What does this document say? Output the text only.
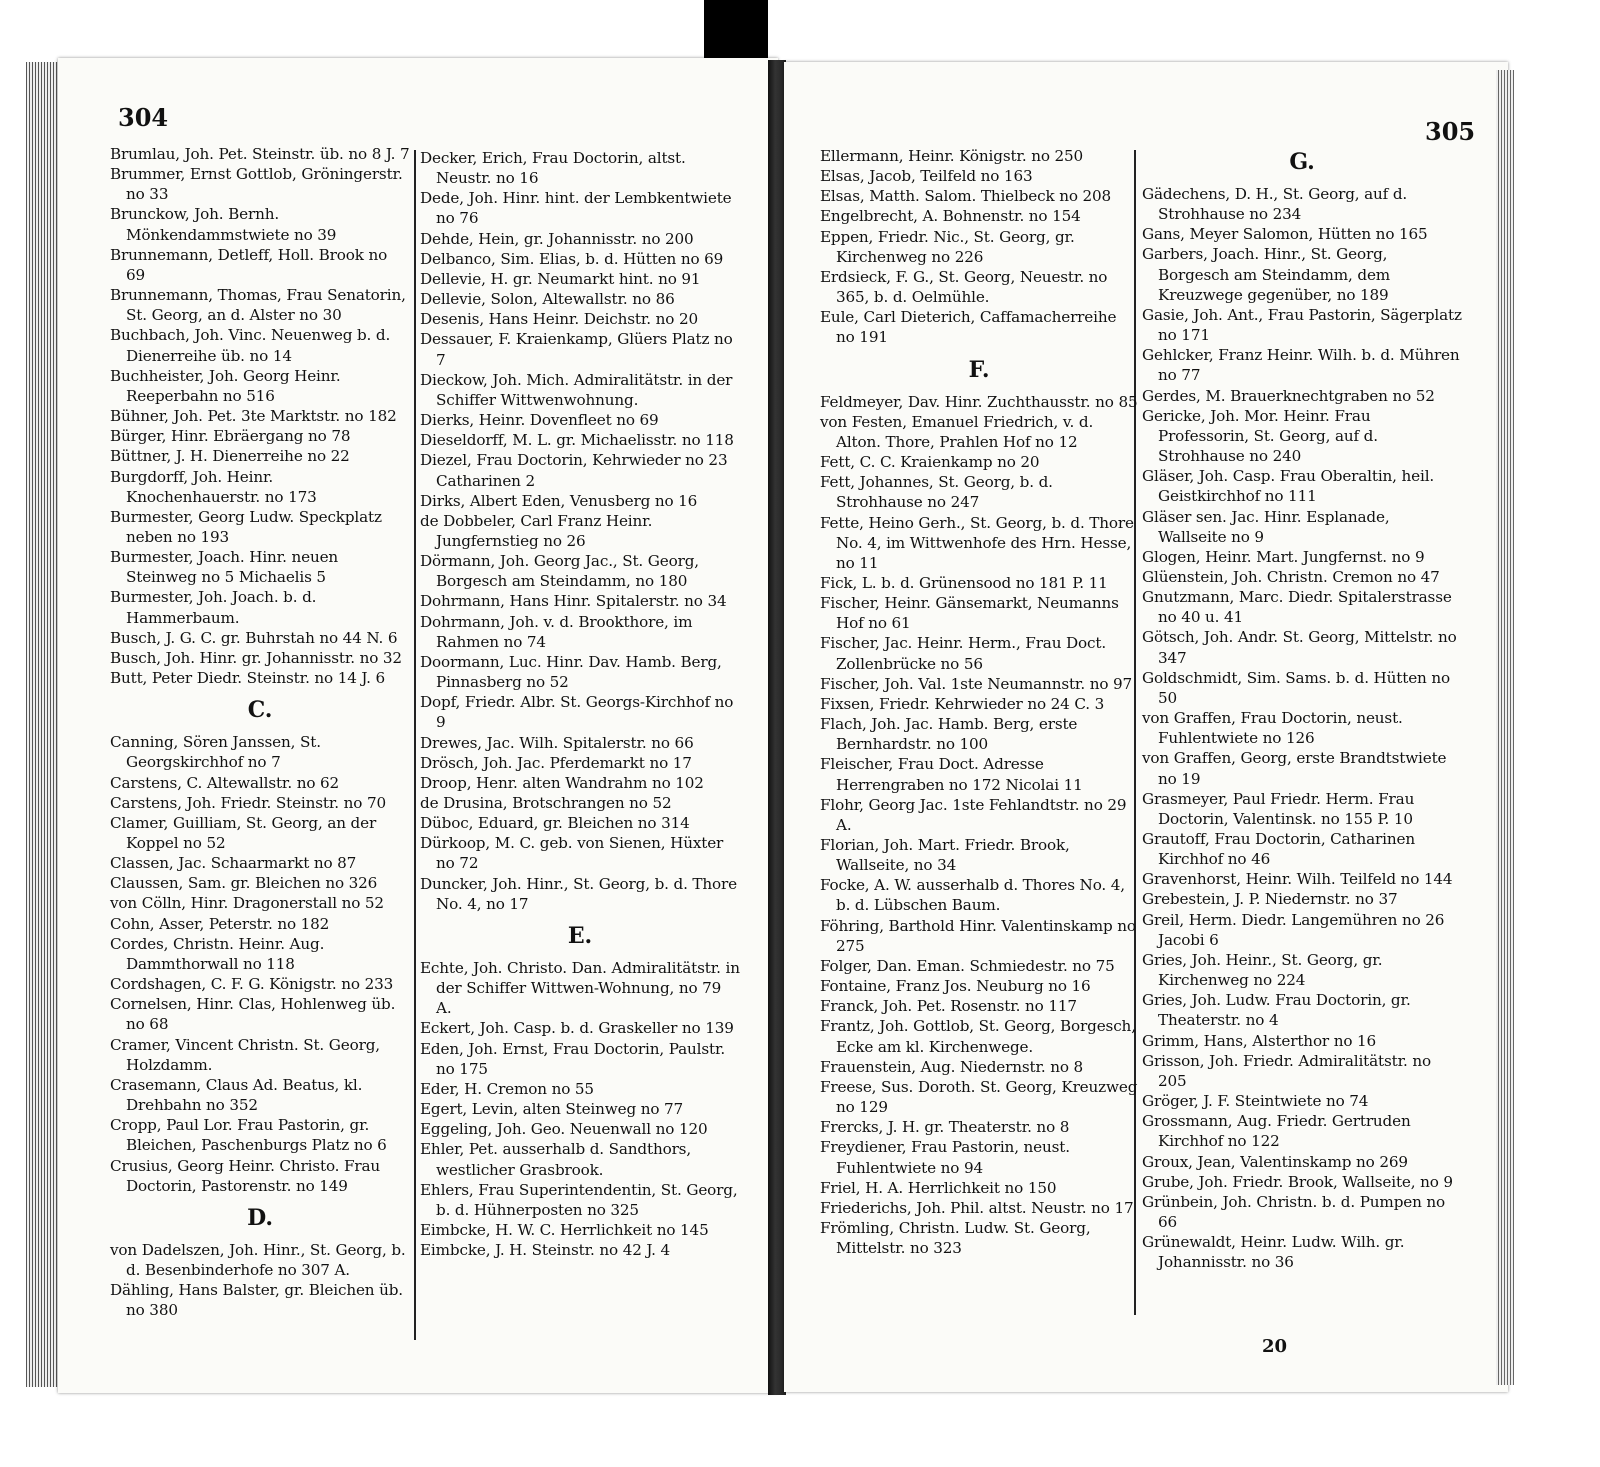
304	305
Brumlau, Joh. Pet. Steinstr. üb. no 8 J. 7
Brummer, Ernst Gottlob, Gröningerstr. no 33
Brunckow, Joh. Bernh. Mönkendammstwiete no 39
Brunnemann, Detleff, Holl. Brook no 69
Brunnemann, Thomas, Frau Senatorin, St. Georg, an d. Alster no 30
Buchbach, Joh. Vinc. Neuenweg b. d. Dienerreihe üb. no 14
Buchheister, Joh. Georg Heinr. Reeperbahn no 516
Bühner, Joh. Pet. 3te Marktstr. no 182
Bürger, Hinr. Ebräergang no 78
Büttner, J. H. Dienerreihe no 22
Burgdorff, Joh. Heinr. Knochenhauerstr. no 173
Burmester, Georg Ludw. Speckplatz neben no 193
Burmester, Joach. Hinr. neuen Steinweg no 5 Michaelis 5
Burmester, Joh. Joach. b. d. Hammerbaum.
Busch, J. G. C. gr. Buhrstah no 44 N. 6
Busch, Joh. Hinr. gr. Johannisstr. no 32
Butt, Peter Diedr. Steinstr. no 14 J. 6
C.
Canning, Sören Janssen, St. Georgskirchhof no 7
Carstens, C. Altewallstr. no 62
Carstens, Joh. Friedr. Steinstr. no 70
Clamer, Guilliam, St. Georg, an der Koppel no 52
Classen, Jac. Schaarmarkt no 87
Claussen, Sam. gr. Bleichen no 326
von Cölln, Hinr. Dragonerstall no 52
Cohn, Asser, Peterstr. no 182
Cordes, Christn. Heinr. Aug. Dammthorwall no 118
Cordshagen, C. F. G. Königstr. no 233
Cornelsen, Hinr. Clas, Hohlenweg üb. no 68
Cramer, Vincent Christn. St. Georg, Holzdamm.
Crasemann, Claus Ad. Beatus, kl. Drehbahn no 352
Cropp, Paul Lor. Frau Pastorin, gr. Bleichen, Paschenburgs Platz no 6
Crusius, Georg Heinr. Christo. Frau Doctorin, Pastorenstr. no 149
D.
von Dadelszen, Joh. Hinr., St. Georg, b. d. Besenbinderhofe no 307 A.
Dähling, Hans Balster, gr. Bleichen üb. no 380
Decker, Erich, Frau Doctorin, altst. Neustr. no 16
Dede, Joh. Hinr. hint. der Lembkentwiete no 76
Dehde, Hein, gr. Johannisstr. no 200
Delbanco, Sim. Elias, b. d. Hütten no 69
Dellevie, H. gr. Neumarkt hint. no 91
Dellevie, Solon, Altewallstr. no 86
Desenis, Hans Heinr. Deichstr. no 20
Dessauer, F. Kraienkamp, Glüers Platz no 7
Dieckow, Joh. Mich. Admiralitätstr. in der Schiffer Wittwenwohnung.
Dierks, Heinr. Dovenfleet no 69
Dieseldorff, M. L. gr. Michaelisstr. no 118
Diezel, Frau Doctorin, Kehrwieder no 23 Catharinen 2
Dirks, Albert Eden, Venusberg no 16
de Dobbeler, Carl Franz Heinr. Jungfernstieg no 26
Dörmann, Joh. Georg Jac., St. Georg, Borgesch am Steindamm, no 180
Dohrmann, Hans Hinr. Spitalerstr. no 34
Dohrmann, Joh. v. d. Brookthore, im Rahmen no 74
Doormann, Luc. Hinr. Dav. Hamb. Berg, Pinnasberg no 52
Dopf, Friedr. Albr. St. Georgs-Kirchhof no 9
Drewes, Jac. Wilh. Spitalerstr. no 66
Drösch, Joh. Jac. Pferdemarkt no 17
Droop, Henr. alten Wandrahm no 102
de Drusina, Brotschrangen no 52
Düboc, Eduard, gr. Bleichen no 314
Dürkoop, M. C. geb. von Sienen, Hüxter no 72
Duncker, Joh. Hinr., St. Georg, b. d. Thore No. 4, no 17
E.
Echte, Joh. Christo. Dan. Admiralitätstr. in der Schiffer Wittwen-Wohnung, no 79 A.
Eckert, Joh. Casp. b. d. Graskeller no 139
Eden, Joh. Ernst, Frau Doctorin, Paulstr. no 175
Eder, H. Cremon no 55
Egert, Levin, alten Steinweg no 77
Eggeling, Joh. Geo. Neuenwall no 120
Ehler, Pet. ausserhalb d. Sandthors, westlicher Grasbrook.
Ehlers, Frau Superintendentin, St. Georg, b. d. Hühnerposten no 325
Eimbcke, H. W. C. Herrlichkeit no 145
Eimbcke, J. H. Steinstr. no 42 J. 4
Ellermann, Heinr. Königstr. no 250
Elsas, Jacob, Teilfeld no 163
Elsas, Matth. Salom. Thielbeck no 208
Engelbrecht, A. Bohnenstr. no 154
Eppen, Friedr. Nic., St. Georg, gr. Kirchenweg no 226
Erdsieck, F. G., St. Georg, Neuestr. no 365, b. d. Oelmühle.
Eule, Carl Dieterich, Caffamacherreihe no 191
F.
Feldmeyer, Dav. Hinr. Zuchthausstr. no 85
von Festen, Emanuel Friedrich, v. d. Alton. Thore, Prahlen Hof no 12
Fett, C. C. Kraienkamp no 20
Fett, Johannes, St. Georg, b. d. Strohhause no 247
Fette, Heino Gerh., St. Georg, b. d. Thore No. 4, im Wittwenhofe des Hrn. Hesse, no 11
Fick, L. b. d. Grünensood no 181 P. 11
Fischer, Heinr. Gänsemarkt, Neumanns Hof no 61
Fischer, Jac. Heinr. Herm., Frau Doct. Zollenbrücke no 56
Fischer, Joh. Val. 1ste Neumannstr. no 97
Fixsen, Friedr. Kehrwieder no 24 C. 3
Flach, Joh. Jac. Hamb. Berg, erste Bernhardstr. no 100
Fleischer, Frau Doct. Adresse Herrengraben no 172 Nicolai 11
Flohr, Georg Jac. 1ste Fehlandtstr. no 29 A.
Florian, Joh. Mart. Friedr. Brook, Wallseite, no 34
Focke, A. W. ausserhalb d. Thores No. 4, b. d. Lübschen Baum.
Föhring, Barthold Hinr. Valentinskamp no 275
Folger, Dan. Eman. Schmiedestr. no 75
Fontaine, Franz Jos. Neuburg no 16
Franck, Joh. Pet. Rosenstr. no 117
Frantz, Joh. Gottlob, St. Georg, Borgesch, Ecke am kl. Kirchenwege.
Frauenstein, Aug. Niedernstr. no 8
Freese, Sus. Doroth. St. Georg, Kreuzweg no 129
Frercks, J. H. gr. Theaterstr. no 8
Freydiener, Frau Pastorin, neust. Fuhlentwiete no 94
Friel, H. A. Herrlichkeit no 150
Friederichs, Joh. Phil. altst. Neustr. no 17
Frömling, Christn. Ludw. St. Georg, Mittelstr. no 323
G.
Gädechens, D. H., St. Georg, auf d. Strohhause no 234
Gans, Meyer Salomon, Hütten no 165
Garbers, Joach. Hinr., St. Georg, Borgesch am Steindamm, dem Kreuzwege gegenüber, no 189
Gasie, Joh. Ant., Frau Pastorin, Sägerplatz no 171
Gehlcker, Franz Heinr. Wilh. b. d. Mühren no 77
Gerdes, M. Brauerknechtgraben no 52
Gericke, Joh. Mor. Heinr. Frau Professorin, St. Georg, auf d. Strohhause no 240
Gläser, Joh. Casp. Frau Oberaltin, heil. Geistkirchhof no 111
Gläser sen. Jac. Hinr. Esplanade, Wallseite no 9
Glogen, Heinr. Mart. Jungfernst. no 9
Glüenstein, Joh. Christn. Cremon no 47
Gnutzmann, Marc. Diedr. Spitalerstrasse no 40 u. 41
Götsch, Joh. Andr. St. Georg, Mittelstr. no 347
Goldschmidt, Sim. Sams. b. d. Hütten no 50
von Graffen, Frau Doctorin, neust. Fuhlentwiete no 126
von Graffen, Georg, erste Brandtstwiete no 19
Grasmeyer, Paul Friedr. Herm. Frau Doctorin, Valentinsk. no 155 P. 10
Grautoff, Frau Doctorin, Catharinen Kirchhof no 46
Gravenhorst, Heinr. Wilh. Teilfeld no 144
Grebestein, J. P. Niedernstr. no 37
Greil, Herm. Diedr. Langemühren no 26 Jacobi 6
Gries, Joh. Heinr., St. Georg, gr. Kirchenweg no 224
Gries, Joh. Ludw. Frau Doctorin, gr. Theaterstr. no 4
Grimm, Hans, Alsterthor no 16
Grisson, Joh. Friedr. Admiralitätstr. no 205
Gröger, J. F. Steintwiete no 74
Grossmann, Aug. Friedr. Gertruden Kirchhof no 122
Groux, Jean, Valentinskamp no 269
Grube, Joh. Friedr. Brook, Wallseite, no 9
Grünbein, Joh. Christn. b. d. Pumpen no 66
Grünewaldt, Heinr. Ludw. Wilh. gr. Johannisstr. no 36
20
